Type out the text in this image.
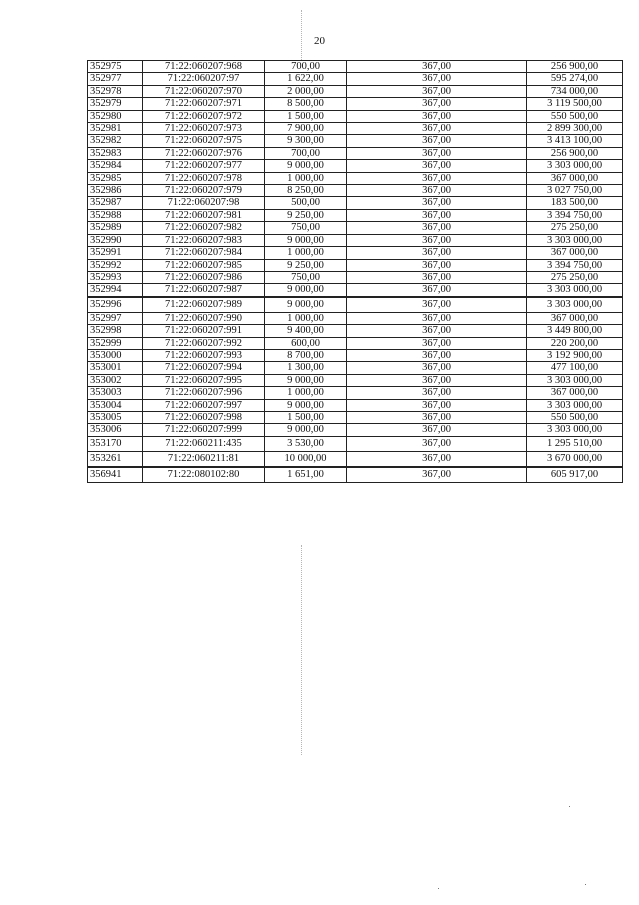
20
352975	71:22:060207:968	700,00	367,00	256 900,00
352977	71:22:060207:97	1 622,00	367,00	595 274,00
352978	71:22:060207:970	2 000,00	367,00	734 000,00
352979	71:22:060207:971	8 500,00	367,00	3 119 500,00
352980	71:22:060207:972	1 500,00	367,00	550 500,00
352981	71:22:060207:973	7 900,00	367,00	2 899 300,00
352982	71:22:060207:975	9 300,00	367,00	3 413 100,00
352983	71:22:060207:976	700,00	367,00	256 900,00
352984	71:22:060207:977	9 000,00	367,00	3 303 000,00
352985	71:22:060207:978	1 000,00	367,00	367 000,00
352986	71:22:060207:979	8 250,00	367,00	3 027 750,00
352987	71:22:060207:98	500,00	367,00	183 500,00
352988	71:22:060207:981	9 250,00	367,00	3 394 750,00
352989	71:22:060207:982	750,00	367,00	275 250,00
352990	71:22:060207:983	9 000,00	367,00	3 303 000,00
352991	71:22:060207:984	1 000,00	367,00	367 000,00
352992	71:22:060207:985	9 250,00	367,00	3 394 750,00
352993	71:22:060207:986	750,00	367,00	275 250,00
352994	71:22:060207:987	9 000,00	367,00	3 303 000,00
352996	71:22:060207:989	9 000,00	367,00	3 303 000,00
352997	71:22:060207:990	1 000,00	367,00	367 000,00
352998	71:22:060207:991	9 400,00	367,00	3 449 800,00
352999	71:22:060207:992	600,00	367,00	220 200,00
353000	71:22:060207:993	8 700,00	367,00	3 192 900,00
353001	71:22:060207:994	1 300,00	367,00	477 100,00
353002	71:22:060207:995	9 000,00	367,00	3 303 000,00
353003	71:22:060207:996	1 000,00	367,00	367 000,00
353004	71:22:060207:997	9 000,00	367,00	3 303 000,00
353005	71:22:060207:998	1 500,00	367,00	550 500,00
353006	71:22:060207:999	9 000,00	367,00	3 303 000,00
353170	71:22:060211:435	3 530,00	367,00	1 295 510,00
353261	71:22:060211:81	10 000,00	367,00	3 670 000,00
356941	71:22:080102:80	1 651,00	367,00	605 917,00
